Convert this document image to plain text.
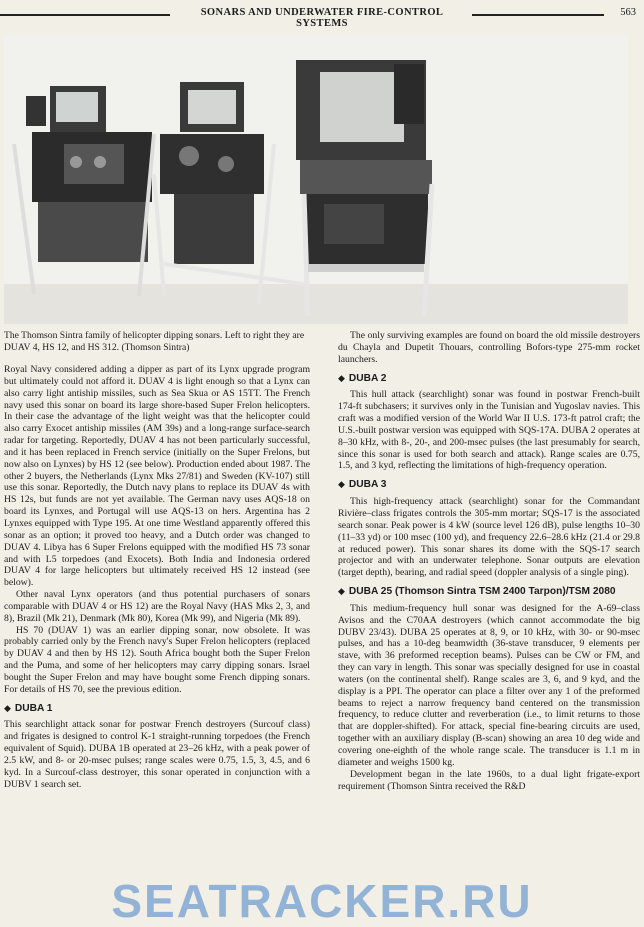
SONARS AND UNDERWATER FIRE-CONTROL SYSTEMS
563
The Thomson Sintra family of helicopter dipping sonars. Left to right they are DUAV 4, HS 12, and HS 312. (Thomson Sintra)

Royal Navy considered adding a dipper as part of its Lynx upgrade program but ultimately could not afford it. DUAV 4 is light enough so that a Lynx can also carry light antiship missiles, such as Sea Skua or AS 15TT. The French navy used this sonar on board its large shore-based Super Frelon helicopters. In their case the advantage of the light weight was that the helicopter could also carry Exocet antiship missiles (AM 39s) and a long-range surface-search radar for targeting. Reportedly, DUAV 4 has not been particularly successful, and it has been replaced in French service (initially on the Super Frelons, but now also on Lynxes) by HS 12 (see below). Production ended about 1987. The other 2 buyers, the Netherlands (Lynx Mks 27/81) and Sweden (KV-107) still use this sonar. Reportedly, the Dutch navy plans to replace its DUAV 4s with HS 12s, but funds are not yet available. The German navy uses AQS-18 on board its Lynxes, and Portugal will use AQS-13 on hers. Argentina has 2 Lynxes equipped with Type 195. At one time Westland apparently offered this sonar as an option; it proved too heavy, and a Dutch order was changed to DUAV 4. Libya has 6 Super Frelons equipped with the modified HS 73 sonar and with L5 torpedoes (and Exocets). Both India and Indonesia ordered DUAV 4 for large helicopters but ultimately received HS 12 instead (see below).

Other naval Lynx operators (and thus potential purchasers of sonars comparable with DUAV 4 or HS 12) are the Royal Navy (HAS Mks 2, 3, and 8), Brazil (Mk 21), Denmark (Mk 80), Korea (Mk 99), and Nigeria (Mk 89).

HS 70 (DUAV 1) was an earlier dipping sonar, now obsolete. It was probably carried only by the French navy's Super Frelon helicopters (replaced by DUAV 4 and then by HS 12). South Africa bought both the Super Frelon and the Puma, and some of her helicopters may carry dipping sonars. Israel bought the Super Frelon and may have bought some French dipping sonars. For details of HS 70, see the previous edition.

◆ DUBA 1

This searchlight attack sonar for postwar French destroyers (Surcouf class) and frigates is designed to control K-1 straight-running torpedoes (the French equivalent of Squid). DUBA 1B operated at 23–26 kHz, with a peak power of 2.5 kW, and 8- or 20-msec pulses; range scales were 0.75, 1.5, 3, 4.5, and 6 kyd. In a Surcouf-class destroyer, this sonar operated in conjunction with a DUBV 1 search set.

The only surviving examples are found on board the old missile destroyers du Chayla and Dupetit Thouars, controlling Bofors-type 275-mm rocket launchers.

◆ DUBA 2

This hull attack (searchlight) sonar was found in postwar French-built 174-ft subchasers; it survives only in the Tunisian and Yugoslav navies. This craft was a modified version of the World War II U.S. 173-ft patrol craft; the U.S.-built postwar version was equipped with SQS-17A. DUBA 2 operates at 8–30 kHz, with 8-, 20-, and 200-msec pulses (the last presumably for search, since this sonar is used for both search and attack). Range scales are 0.75, 1.5, and 3 kyd, reflecting the limitations of high-frequency operation.

◆ DUBA 3

This high-frequency attack (searchlight) sonar for the Commandant Rivière–class frigates controls the 305-mm mortar; SQS-17 is the associated search sonar. Peak power is 4 kW (source level 126 dB), pulse lengths 10–30 (11–33 yd) or 100 msec (100 yd), and frequency 22.6–28.6 kHz (21.4 or 29.8 at reduced power). This sonar shares its dome with the SQS-17 search projector and with an underwater telephone. Sonar outputs are elevation (target depth), bearing, and radial speed (doppler analysis of a single ping).

◆ DUBA 25 (Thomson Sintra TSM 2400 Tarpon)/TSM 2080

This medium-frequency hull sonar was designed for the A-69–class Avisos and the C70AA destroyers (which cannot accommodate the big DUBV 23/43). DUBA 25 operates at 8, 9, or 10 kHz, with 30- or 90-msec pulses, and has a 10-deg beamwidth (36-stave transducer, 9 elements per stave, with 36 preformed reception beams). Pulses can be CW or FM, and they can vary in length. This sonar was specially designed for use in coastal waters (on the continental shelf). Range scales are 3, 6, and 9 kyd, and the display is a PPI. The operator can place a filter over any 1 of the preformed beams to reject a narrow frequency band centered on the transmission frequency, to reduce clutter and reverberation (i.e., to limit returns to those that are doppler-shifted). For attack, special fine-bearing circuits are used, together with an auxiliary display (B-scan) showing an area 10 deg wide and covering one-eighth of the whole range scale. The transducer is 1.1 m in diameter and weighs 1500 kg.

Development began in the late 1960s, to a dual light frigate-export requirement (Thomson Sintra received the R&D

SEATRACKER.RU
